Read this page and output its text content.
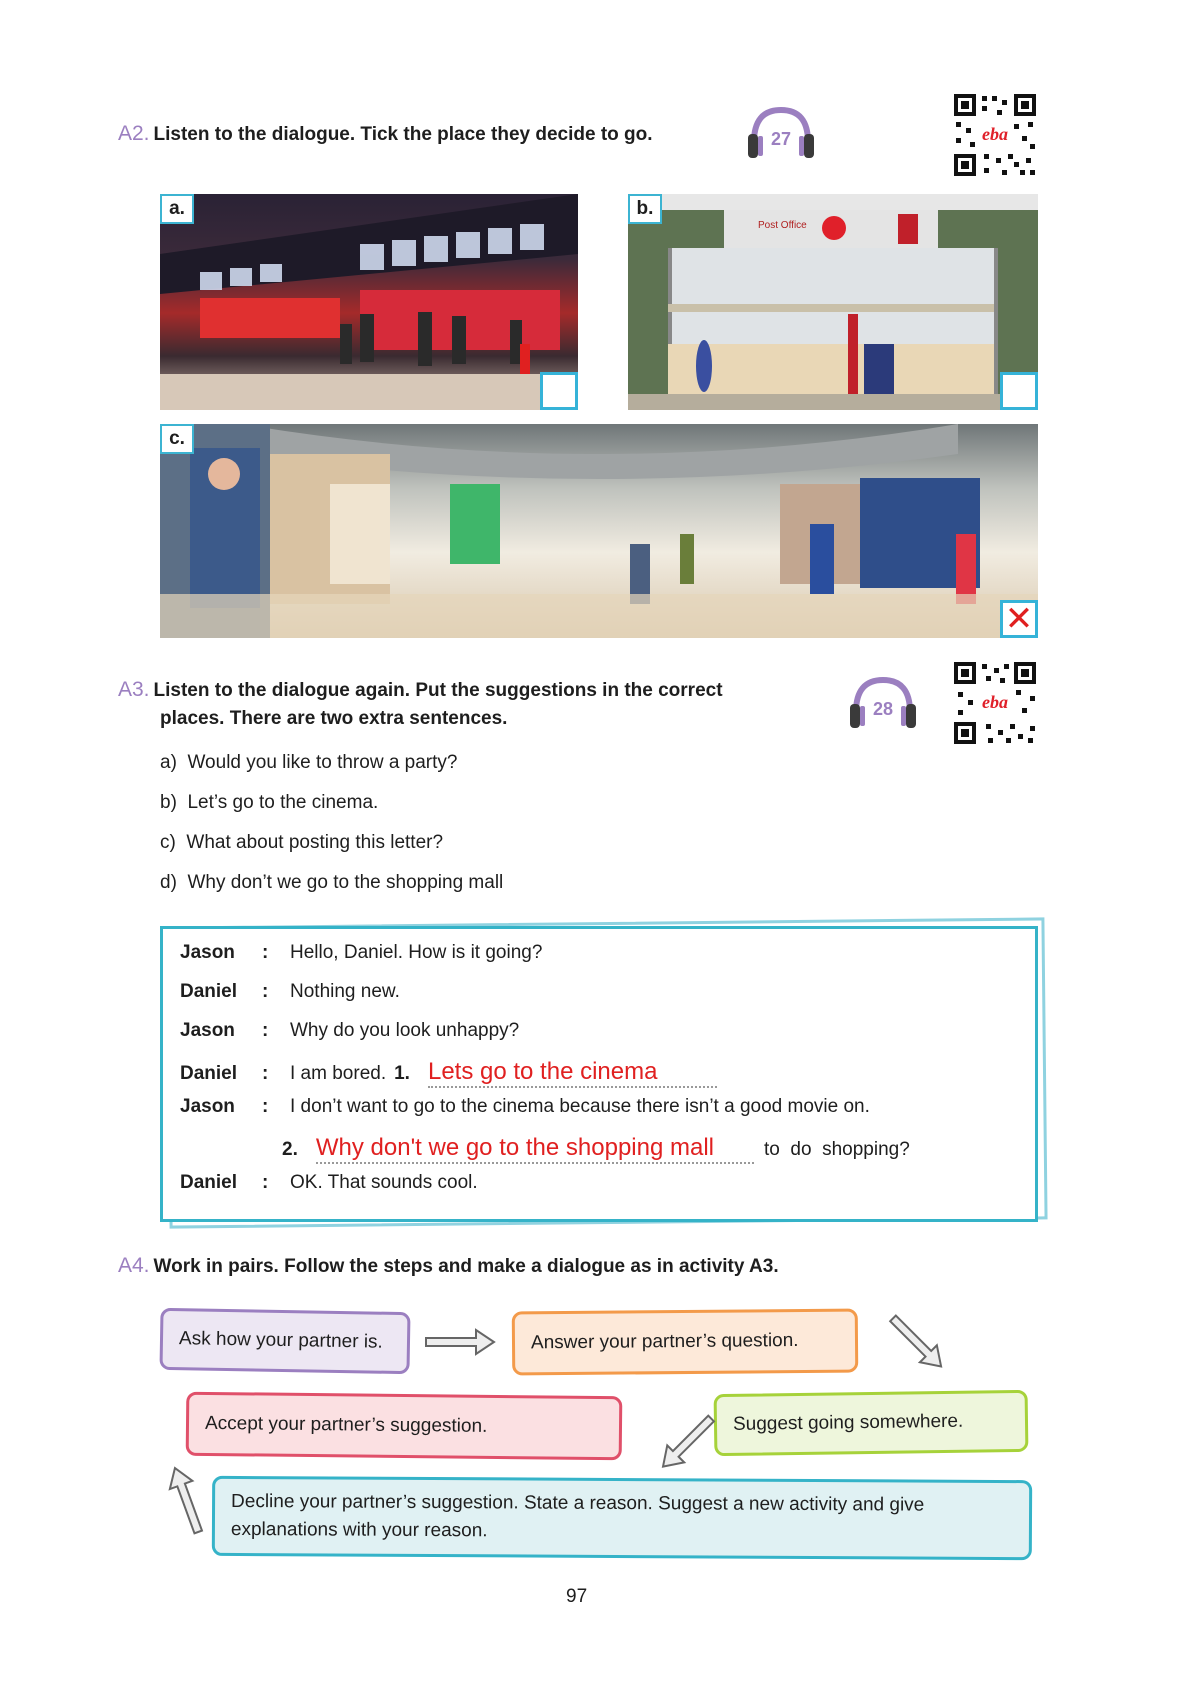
A2. Listen to the dialogue. Tick the place they decide to go.	27	eba
a.
Post Office
b.
c.
✕
A3. Listen to the dialogue again. Put the suggestions in the correct
places. There are two extra sentences.	28	eba
a) Would you like to throw a party?
b) Let’s go to the cinema.
c) What about posting this letter?
d) Why don’t we go to the shopping mall
Jason	:	Hello, Daniel. How is it going?
Daniel	:	Nothing new.
Jason	:	Why do you look unhappy?
Daniel	:	I am bored. 1. Lets go to the cinema
Jason	:	I don’t want to go to the cinema because there isn’t a good movie on.
2. Why don't we go to the shopping mall	to  do  shopping?
Daniel	:	OK. That sounds cool.
A4. Work in pairs. Follow the steps and make a dialogue as in activity A3.
Ask how your partner is.	Answer your partner’s question.
Suggest going somewhere.
Decline your partner’s suggestion. State a reason. Suggest a new activity and give
explanations with your reason.
Accept your partner’s suggestion.
97
